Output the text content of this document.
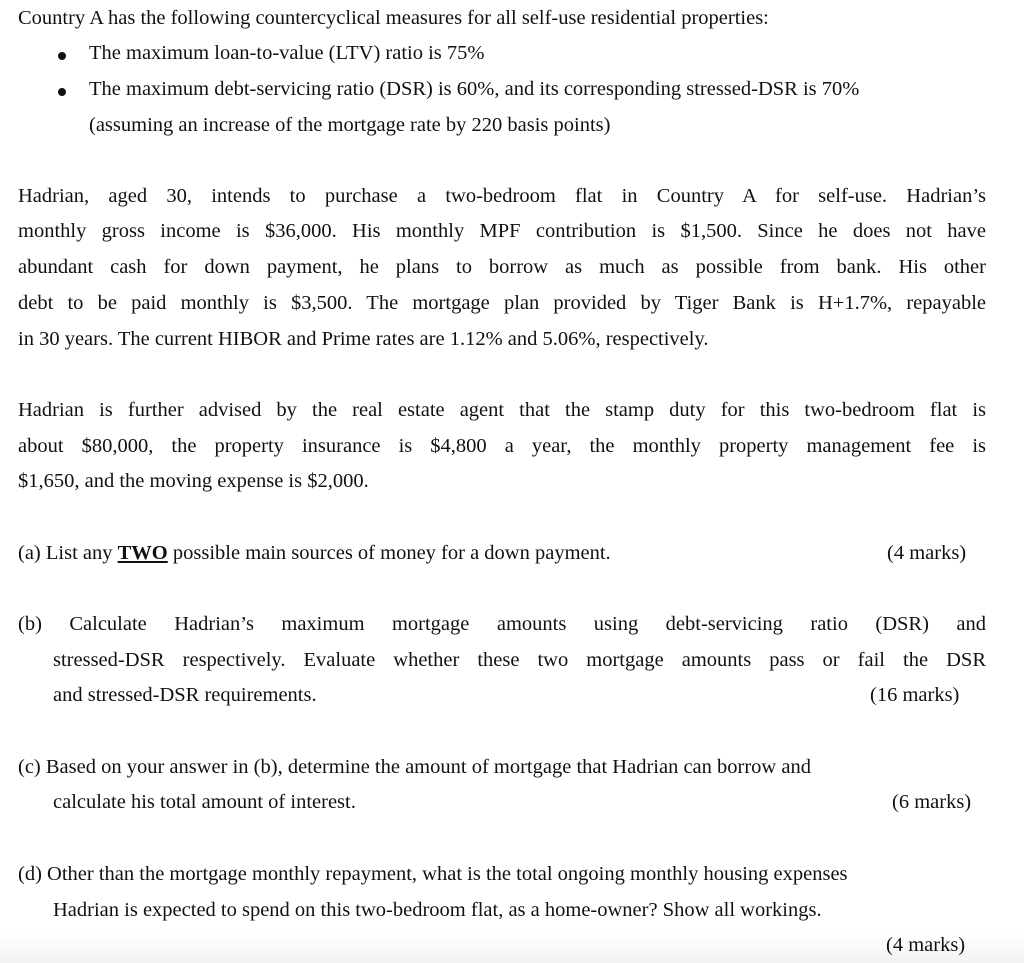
Country A has the following countercyclical measures for all self-use residential properties:
The maximum loan-to-value (LTV) ratio is 75%
The maximum debt-servicing ratio (DSR) is 60%, and its corresponding stressed-DSR is 70%
(assuming an increase of the mortgage rate by 220 basis points)
Hadrian, aged 30, intends to purchase a two-bedroom flat in Country A for self-use. Hadrian’s
monthly gross income is $36,000. His monthly MPF contribution is $1,500. Since he does not have
abundant cash for down payment, he plans to borrow as much as possible from bank. His other
debt to be paid monthly is $3,500. The mortgage plan provided by Tiger Bank is H+1.7%, repayable
in 30 years. The current HIBOR and Prime rates are 1.12% and 5.06%, respectively.
Hadrian is further advised by the real estate agent that the stamp duty for this two-bedroom flat is
about $80,000, the property insurance is $4,800 a year, the monthly property management fee is
$1,650, and the moving expense is $2,000.
(a) List any TWO possible main sources of money for a down payment.	(4 marks)
(b) Calculate Hadrian’s maximum mortgage amounts using debt-servicing ratio (DSR) and
stressed-DSR respectively. Evaluate whether these two mortgage amounts pass or fail the DSR
and stressed-DSR requirements.	(16 marks)
(c) Based on your answer in (b), determine the amount of mortgage that Hadrian can borrow and
calculate his total amount of interest.	(6 marks)
(d) Other than the mortgage monthly repayment, what is the total ongoing monthly housing expenses
Hadrian is expected to spend on this two-bedroom flat, as a home-owner? Show all workings.
(4 marks)
